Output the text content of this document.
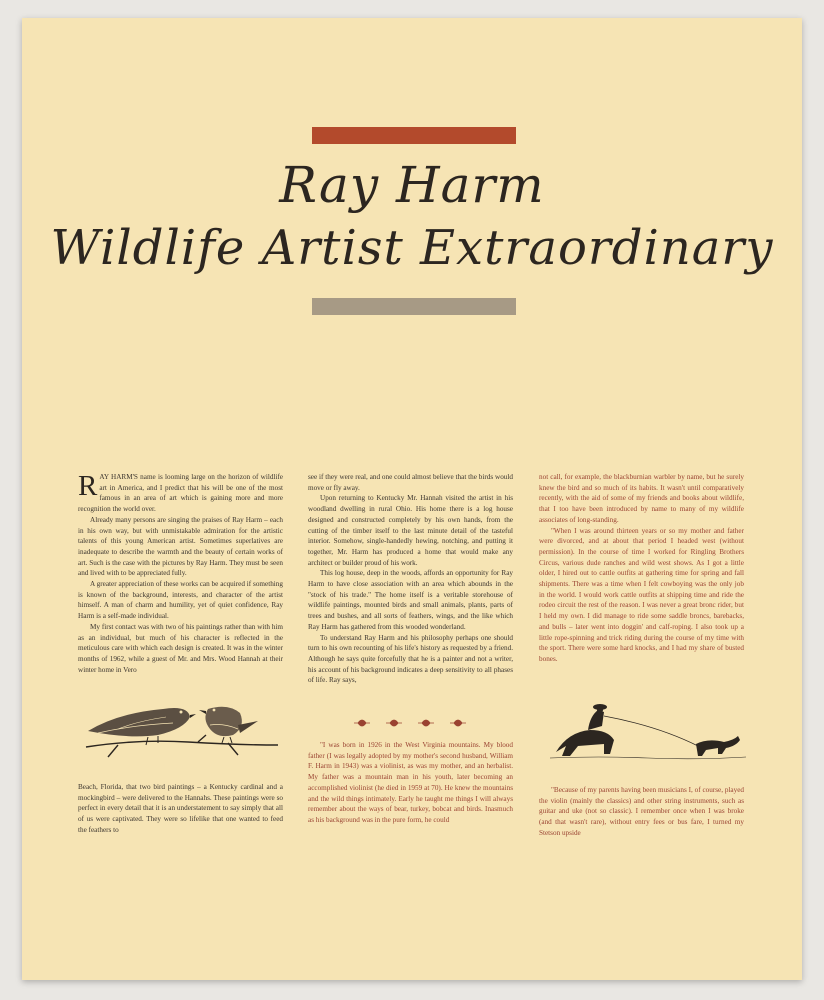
Ray Harm
Wildlife Artist Extraordinary

RAY HARM'S name is looming large on the horizon of wildlife art in America, and I predict that his will be one of the most famous in an area of art which is gaining more and more recognition the world over.

Already many persons are singing the praises of Ray Harm – each in his own way, but with unmistakable admiration for the artistic talents of this young American artist. Sometimes superlatives are inadequate to describe the warmth and the beauty of certain works of art. Such is the case with the pictures by Ray Harm. They must be seen and lived with to be appreciated fully.

A greater appreciation of these works can be acquired if something is known of the background, interests, and character of the artist himself. A man of charm and humility, yet of quiet confidence, Ray Harm is a self-made individual.

My first contact was with two of his paintings rather than with him as an individual, but much of his character is reflected in the meticulous care with which each design is created. It was in the winter months of 1962, while a guest of Mr. and Mrs. Wood Hannah at their winter home in Vero

see if they were real, and one could almost believe that the birds would move or fly away.

Upon returning to Kentucky Mr. Hannah visited the artist in his woodland dwelling in rural Ohio. His home there is a log house designed and constructed completely by his own hands, from the cutting of the timber itself to the last minute detail of the tasteful interior. Somehow, single-handedly hewing, notching, and putting it together, Mr. Harm has produced a home that would make any architect or builder proud of his work.

This log house, deep in the woods, affords an opportunity for Ray Harm to have close association with an area which abounds in the "stock of his trade." The home itself is a veritable storehouse of wildlife paintings, mounted birds and small animals, plants, parts of trees and bushes, and all sorts of feathers, wings, and the like which Ray Harm has gathered from this wooded wonderland.

To understand Ray Harm and his philosophy perhaps one should turn to his own recounting of his life's history as requested by a friend. Although he says quite forcefully that he is a painter and not a writer, his account of his background indicates a deep sensitivity to all phases of life. Ray says,

not call, for example, the blackburnian warbler by name, but he surely knew the bird and so much of its habits. It wasn't until comparatively recently, with the aid of some of my friends and books about wildlife, that I too have been introduced by name to many of my wildlife associates of long-standing.

"When I was around thirteen years or so my mother and father were divorced, and at about that period I headed west (without permission). In the course of time I worked for Ringling Brothers Circus, various dude ranches and wild west shows. As I got a little older, I hired out to cattle outfits at gathering time for spring and fall shipments. There was a time when I felt cowboying was the only job in the world. I would work cattle outfits at shipping time and ride the rodeo circuit the rest of the reason. I was never a great bronc rider, but I held my own. I did manage to ride some saddle broncs, barebacks, and bulls – later went into doggin' and calf-roping. I also took up a little rope-spinning and trick riding during the course of my time with the sport. There were some hard knocks, and I had my share of busted bones.

Beach, Florida, that two bird paintings – a Kentucky cardinal and a mockingbird – were delivered to the Hannahs. These paintings were so perfect in every detail that it is an understatement to say simply that all of us were captivated. They were so lifelike that one wanted to feed the feathers to

"I was born in 1926 in the West Virginia mountains. My blood father (I was legally adopted by my mother's second husband, William F. Harm in 1943) was a violinist, as was my mother, and an herbalist. My father was a mountain man in his youth, later becoming an accomplished violinist (he died in 1959 at 70). He knew the mountains and the wild things intimately. Early he taught me things I will always remember about the ways of bear, turkey, bobcat and birds. Inasmuch as his background was in the pure form, he could

"Because of my parents having been musicians I, of course, played the violin (mainly the classics) and other string instruments, such as guitar and uke (not so classic). I remember once when I was broke (and that wasn't rare), without entry fees or bus fare, I turned my Stetson upside
